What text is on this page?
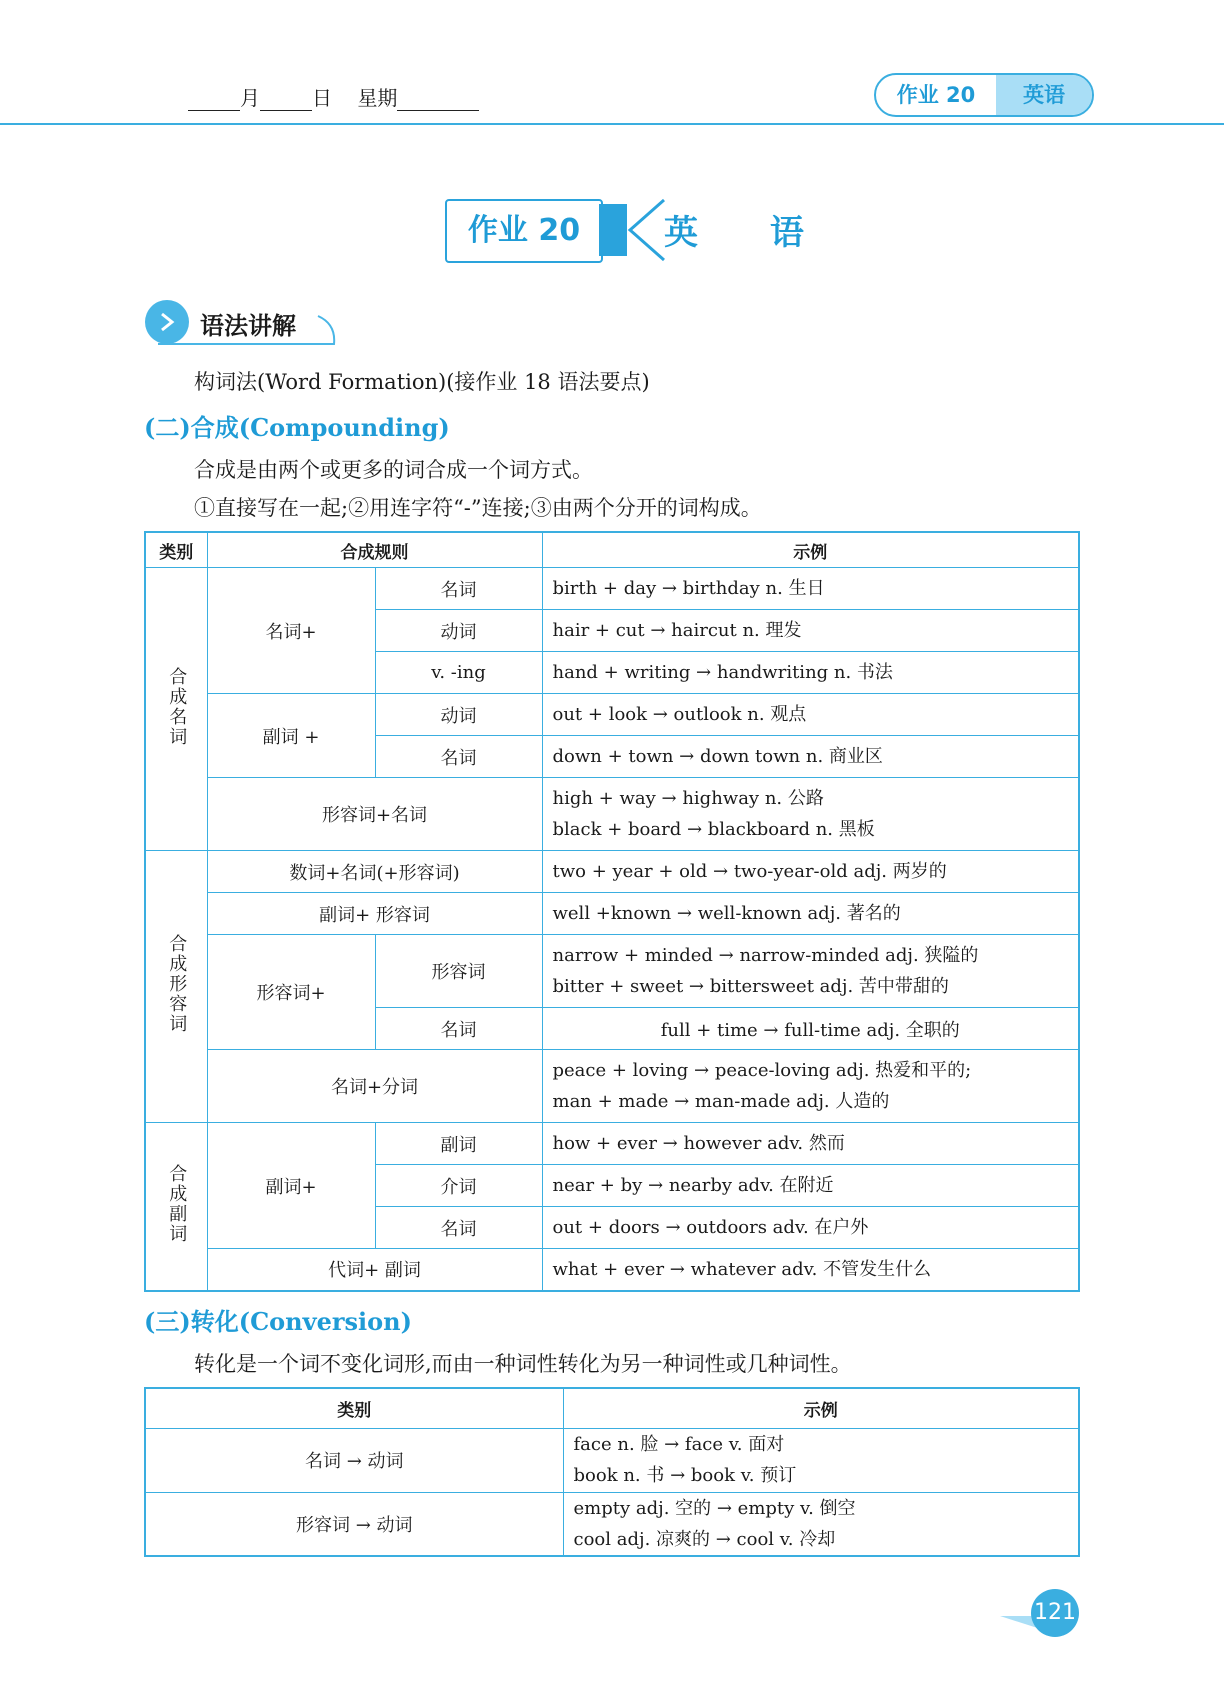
月	日 星期	作业 20	英语
作业 20	英 语
语法讲解
构词法(Word Formation)(接作业 18 语法要点)
(二)合成(Compounding)
合成是由两个或更多的词合成一个词方式。
①直接写在一起;②用连字符“-”连接;③由两个分开的词构成。
类别	合成规则		示例
合成名词	名词+	名词	birth + day → birthday n. 生日
		动词	hair + cut → haircut n. 理发
		v. -ing	hand + writing → handwriting n. 书法
	副词 +	动词	out + look → outlook n. 观点
		名词	down + town → down town n. 商业区
	形容词+名词		high + way → highway n. 公路
black + board → blackboard n. 黑板

合成形容词	数词+名词(+形容词)		two + year + old → two-year-old adj. 两岁的
	副词+ 形容词		well +known → well-known adj. 著名的
	形容词+	形容词	narrow + minded → narrow-minded adj. 狭隘的
bitter + sweet → bittersweet adj. 苦中带甜的

		名词	full + time → full-time adj. 全职的
	名词+分词		peace + loving → peace-loving adj. 热爱和平的;
man + made → man-made adj. 人造的

合成副词	副词+	副词	how + ever → however adv. 然而
		介词	near + by → nearby adv. 在附近
		名词	out + doors → outdoors adv. 在户外
	代词+ 副词		what + ever → whatever adv. 不管发生什么
(三)转化(Conversion)
转化是一个词不变化词形,而由一种词性转化为另一种词性或几种词性。
类别	示例
名词 → 动词	face n. 脸 → face v. 面对
book n. 书 → book v. 预订

形容词 → 动词	empty adj. 空的 → empty v. 倒空
cool adj. 凉爽的 → cool v. 冷却
121
